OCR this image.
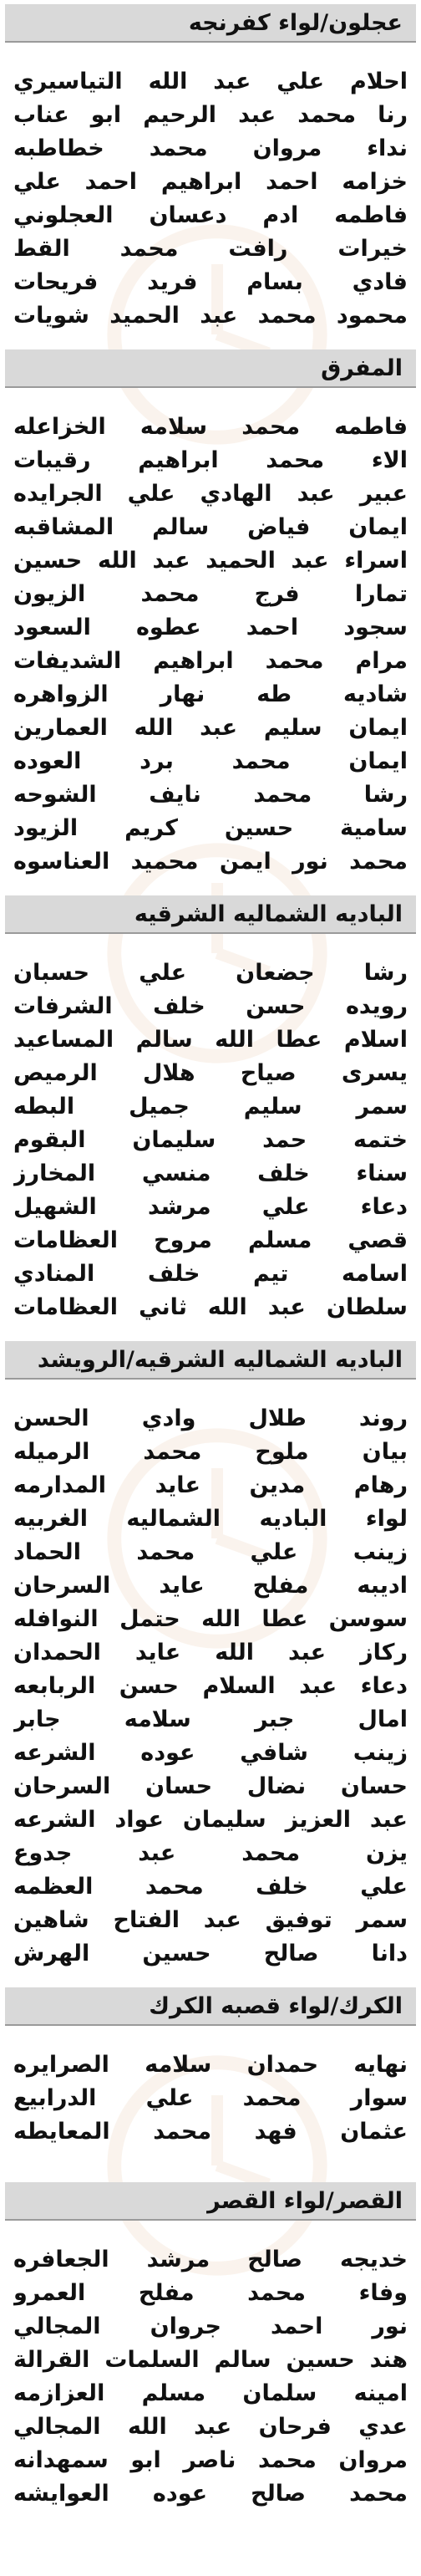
عجلون/لواء كفرنجه
احلام علي عبد الله التياسيري
رنا محمد عبد الرحيم ابو عناب
نداء مروان محمد خطاطبه
خزامه احمد ابراهيم احمد علي
فاطمه ادم دعسان العجلوني
خيرات رافت محمد القط
فادي بسام فريد فريحات
محمود محمد عبد الحميد شويات
المفرق
فاطمه محمد سلامه الخزاعله
الاء محمد ابراهيم رقيبات
عبير عبد الهادي علي الجرايده
ايمان فياض سالم المشاقبه
اسراء عبد الحميد عبد الله حسين
تمارا فرج محمد الزيون
سجود احمد عطوه السعود
مرام محمد ابراهيم الشديفات
شاديه طه نهار الزواهره
ايمان سليم عبد الله العمارين
ايمان محمد برد العوده
رشا محمد نايف الشوحه
سامية حسين كريم الزيود
محمد نور ايمن محميد العناسوه
الباديه الشماليه الشرقيه
رشا جضعان علي حسبان
رويده حسن خلف الشرفات
اسلام عطا الله سالم المساعيد
يسرى صياح هلال الرميص
سمر سليم جميل البطه
ختمه حمد سليمان البقوم
سناء خلف منسي المخارز
دعاء علي مرشد الشهيل
قصي مسلم مروح العظامات
اسامه تيم خلف المنادي
سلطان عبد الله ثاني العظامات
الباديه الشماليه الشرقيه/الرويشد
روند طلال وادي الحسن
بيان ملوح محمد الرميله
رهام مدين عايد المدارمه
لواء الباديه الشماليه الغربيه
زينب علي محمد الحماد
اديبه مفلح عايد السرحان
سوسن عطا الله حتمل النوافله
ركاز عبد الله عايد الحمدان
دعاء عبد السلام حسن الربابعه
امال جبر سلامه جابر
زينب شافي عوده الشرعه
حسان نضال حسان السرحان
عبد العزيز سليمان عواد الشرعه
يزن محمد عبد جدوع
علي خلف محمد العظمه
سمر توفيق عبد الفتاح شاهين
دانا صالح حسين الهرش
الكرك/لواء قصبه الكرك
نهايه حمدان سلامه الصرايره
سوار محمد علي الدرابيع
عثمان فهد محمد المعايطه
القصر/لواء القصر
خديجه صالح مرشد الجعافره
وفاء محمد مفلح العمرو
نور احمد جروان المجالي
هند حسين سالم السلمات القرالة
امينه سلمان مسلم العزازمه
عدي فرحان عبد الله المجالي
مروان محمد ناصر ابو سمهدانه
محمد صالح عوده العوايشه
